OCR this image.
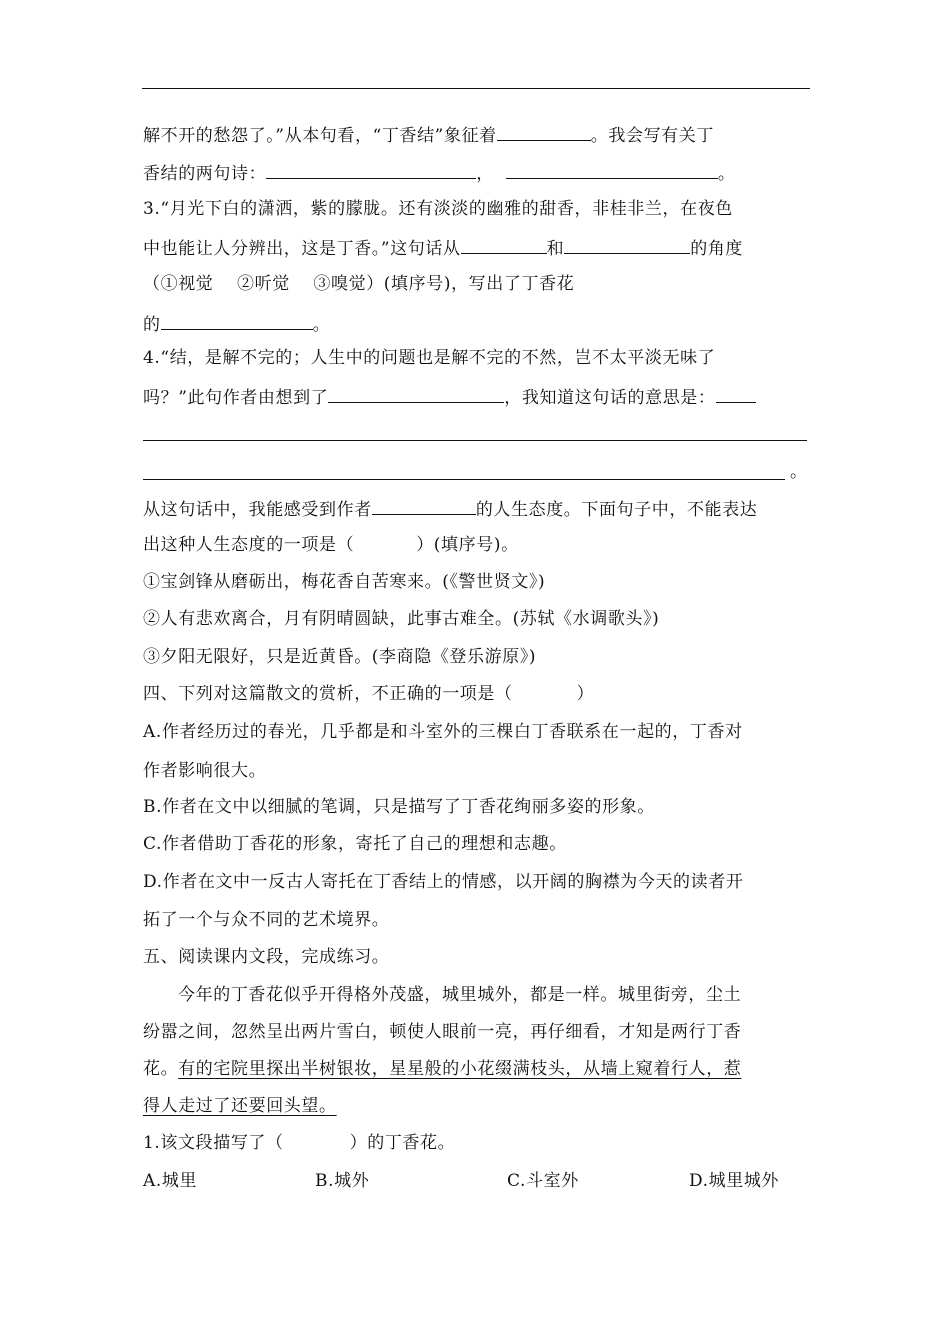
解不开的愁怨了。”从本句看，“丁香结”象征着	。我会写有关丁
香结的两句诗：	，	。
3.“月光下白的潇洒，紫的朦胧。还有淡淡的幽雅的甜香，非桂非兰，在夜色
中也能让人分辨出，这是丁香。”这句话从	和	的角度
（①视觉　 ②听觉　 ③嗅觉）(填序号)，写出了丁香花
的	。
4.“结，是解不完的；人生中的问题也是解不完的不然，岂不太平淡无味了
吗？”此句作者由想到了	，我知道这句话的意思是：
。
从这句话中，我能感受到作者	的人生态度。下面句子中，不能表达
出这种人生态度的一项是（	）(填序号)。
①宝剑锋从磨砺出，梅花香自苦寒来。(《警世贤文》)
②人有悲欢离合，月有阴晴圆缺，此事古难全。(苏轼《水调歌头》)
③夕阳无限好，只是近黄昏。(李商隐《登乐游原》)
四、下列对这篇散文的赏析，不正确的一项是（	）
A.作者经历过的春光，几乎都是和斗室外的三棵白丁香联系在一起的，丁香对
作者影响很大。
B.作者在文中以细腻的笔调，只是描写了丁香花绚丽多姿的形象。
C.作者借助丁香花的形象，寄托了自己的理想和志趣。
D.作者在文中一反古人寄托在丁香结上的情感，以开阔的胸襟为今天的读者开
拓了一个与众不同的艺术境界。
五、阅读课内文段，完成练习。
今年的丁香花似乎开得格外茂盛，城里城外，都是一样。城里街旁，尘土
纷嚣之间，忽然呈出两片雪白，顿使人眼前一亮，再仔细看，才知是两行丁香
花。有的宅院里探出半树银妆，星星般的小花缀满枝头，从墙上窥着行人，惹
得人走过了还要回头望。
1.该文段描写了（	）的丁香花。
A.城里	B.城外	C.斗室外	D.城里城外
